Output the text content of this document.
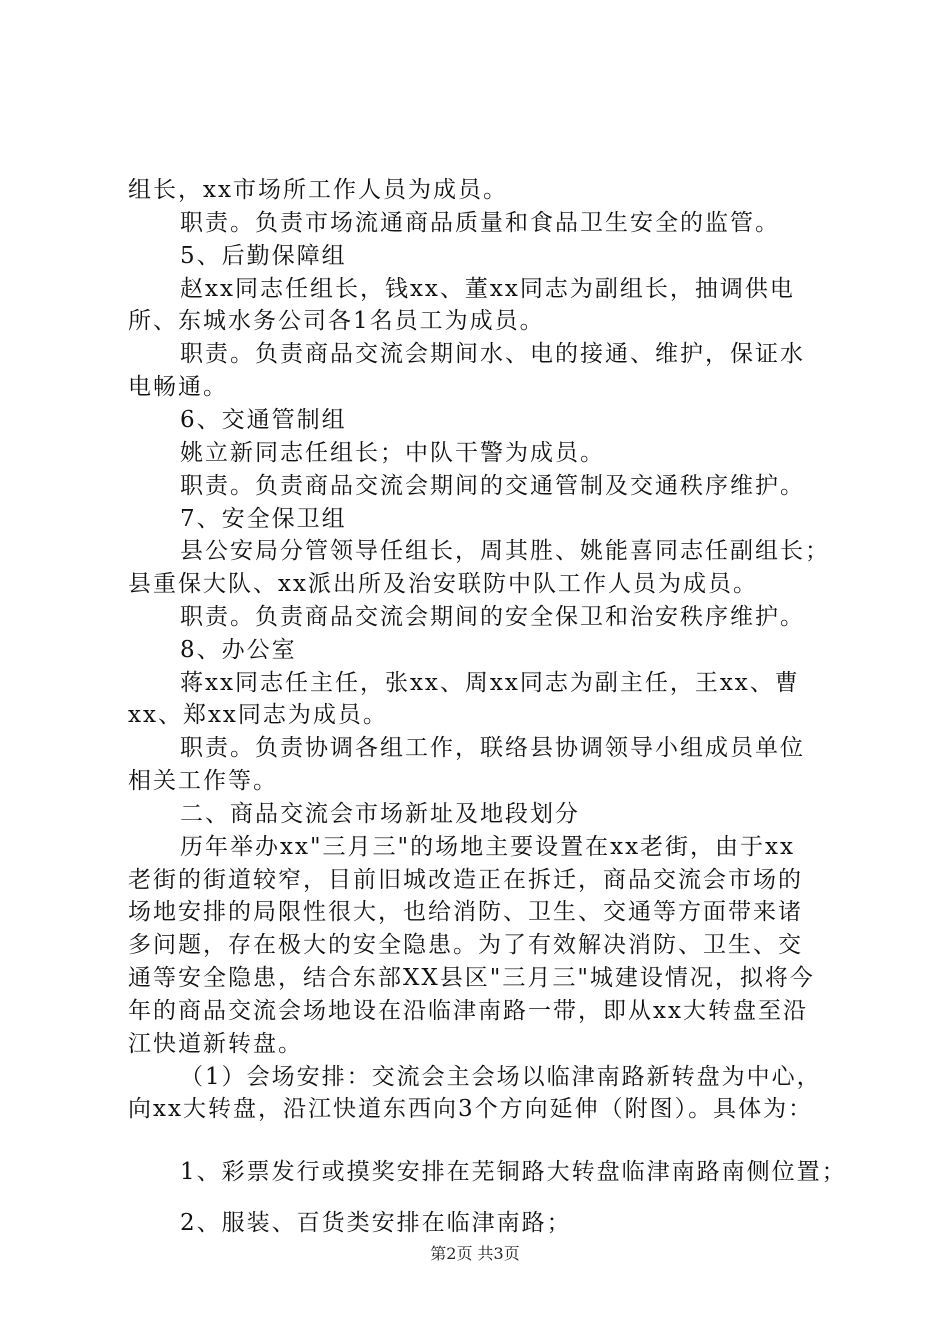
组长，xx市场所工作人员为成员。
职责。负责市场流通商品质量和食品卫生安全的监管。
5、后勤保障组
赵xx同志任组长，钱xx、董xx同志为副组长，抽调供电
所、东城水务公司各1名员工为成员。
职责。负责商品交流会期间水、电的接通、维护，保证水
电畅通。
6、交通管制组
姚立新同志任组长；中队干警为成员。
职责。负责商品交流会期间的交通管制及交通秩序维护。
7、安全保卫组
县公安局分管领导任组长，周其胜、姚能喜同志任副组长；
县重保大队、xx派出所及治安联防中队工作人员为成员。
职责。负责商品交流会期间的安全保卫和治安秩序维护。
8、办公室
蒋xx同志任主任，张xx、周xx同志为副主任，王xx、曹
xx、郑xx同志为成员。
职责。负责协调各组工作，联络县协调领导小组成员单位
相关工作等。
二、商品交流会市场新址及地段划分
历年举办xx"三月三"的场地主要设置在xx老街，由于xx
老街的街道较窄，目前旧城改造正在拆迁，商品交流会市场的
场地安排的局限性很大，也给消防、卫生、交通等方面带来诸
多问题，存在极大的安全隐患。为了有效解决消防、卫生、交
通等安全隐患，结合东部XX县区"三月三"城建设情况，拟将今
年的商品交流会场地设在沿临津南路一带，即从xx大转盘至沿
江快道新转盘。
（1）会场安排：交流会主会场以临津南路新转盘为中心，
向xx大转盘，沿江快道东西向3个方向延伸（附图）。具体为：
1、彩票发行或摸奖安排在芜铜路大转盘临津南路南侧位置；
2、服装、百货类安排在临津南路；
第2页 共3页
